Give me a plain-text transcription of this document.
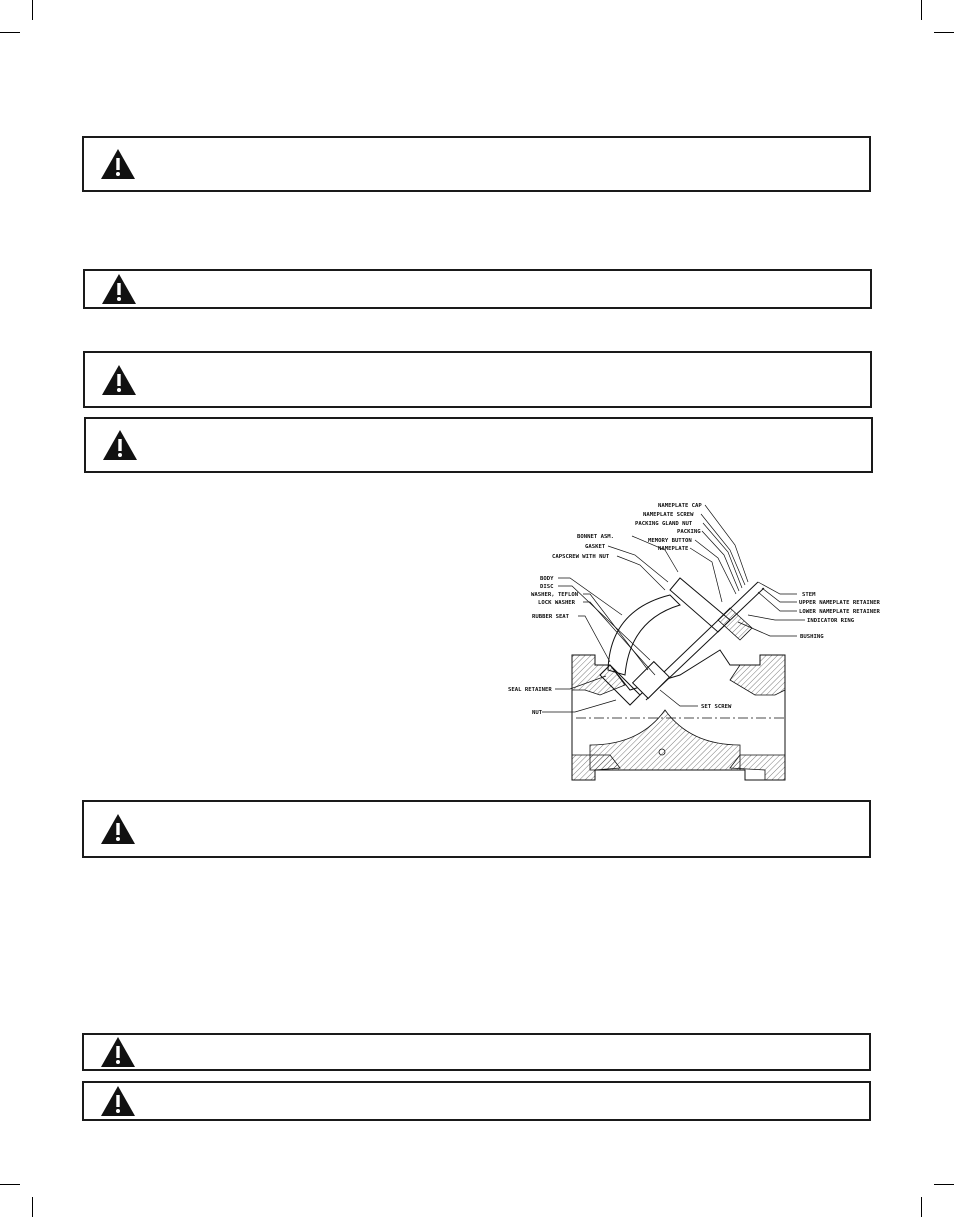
NAMEPLATE CAP
NAMEPLATE SCREW
PACKING GLAND NUT
PACKING
MEMORY BUTTON
NAMEPLATE
BONNET ASM.
GASKET
CAPSCREW WITH NUT
BODY
DISC
WASHER, TEFLON
LOCK WASHER
RUBBER SEAT
STEM
UPPER NAMEPLATE RETAINER
LOWER NAMEPLATE RETAINER
INDICATOR RING
BUSHING
SEAL RETAINER
NUT
SET SCREW
